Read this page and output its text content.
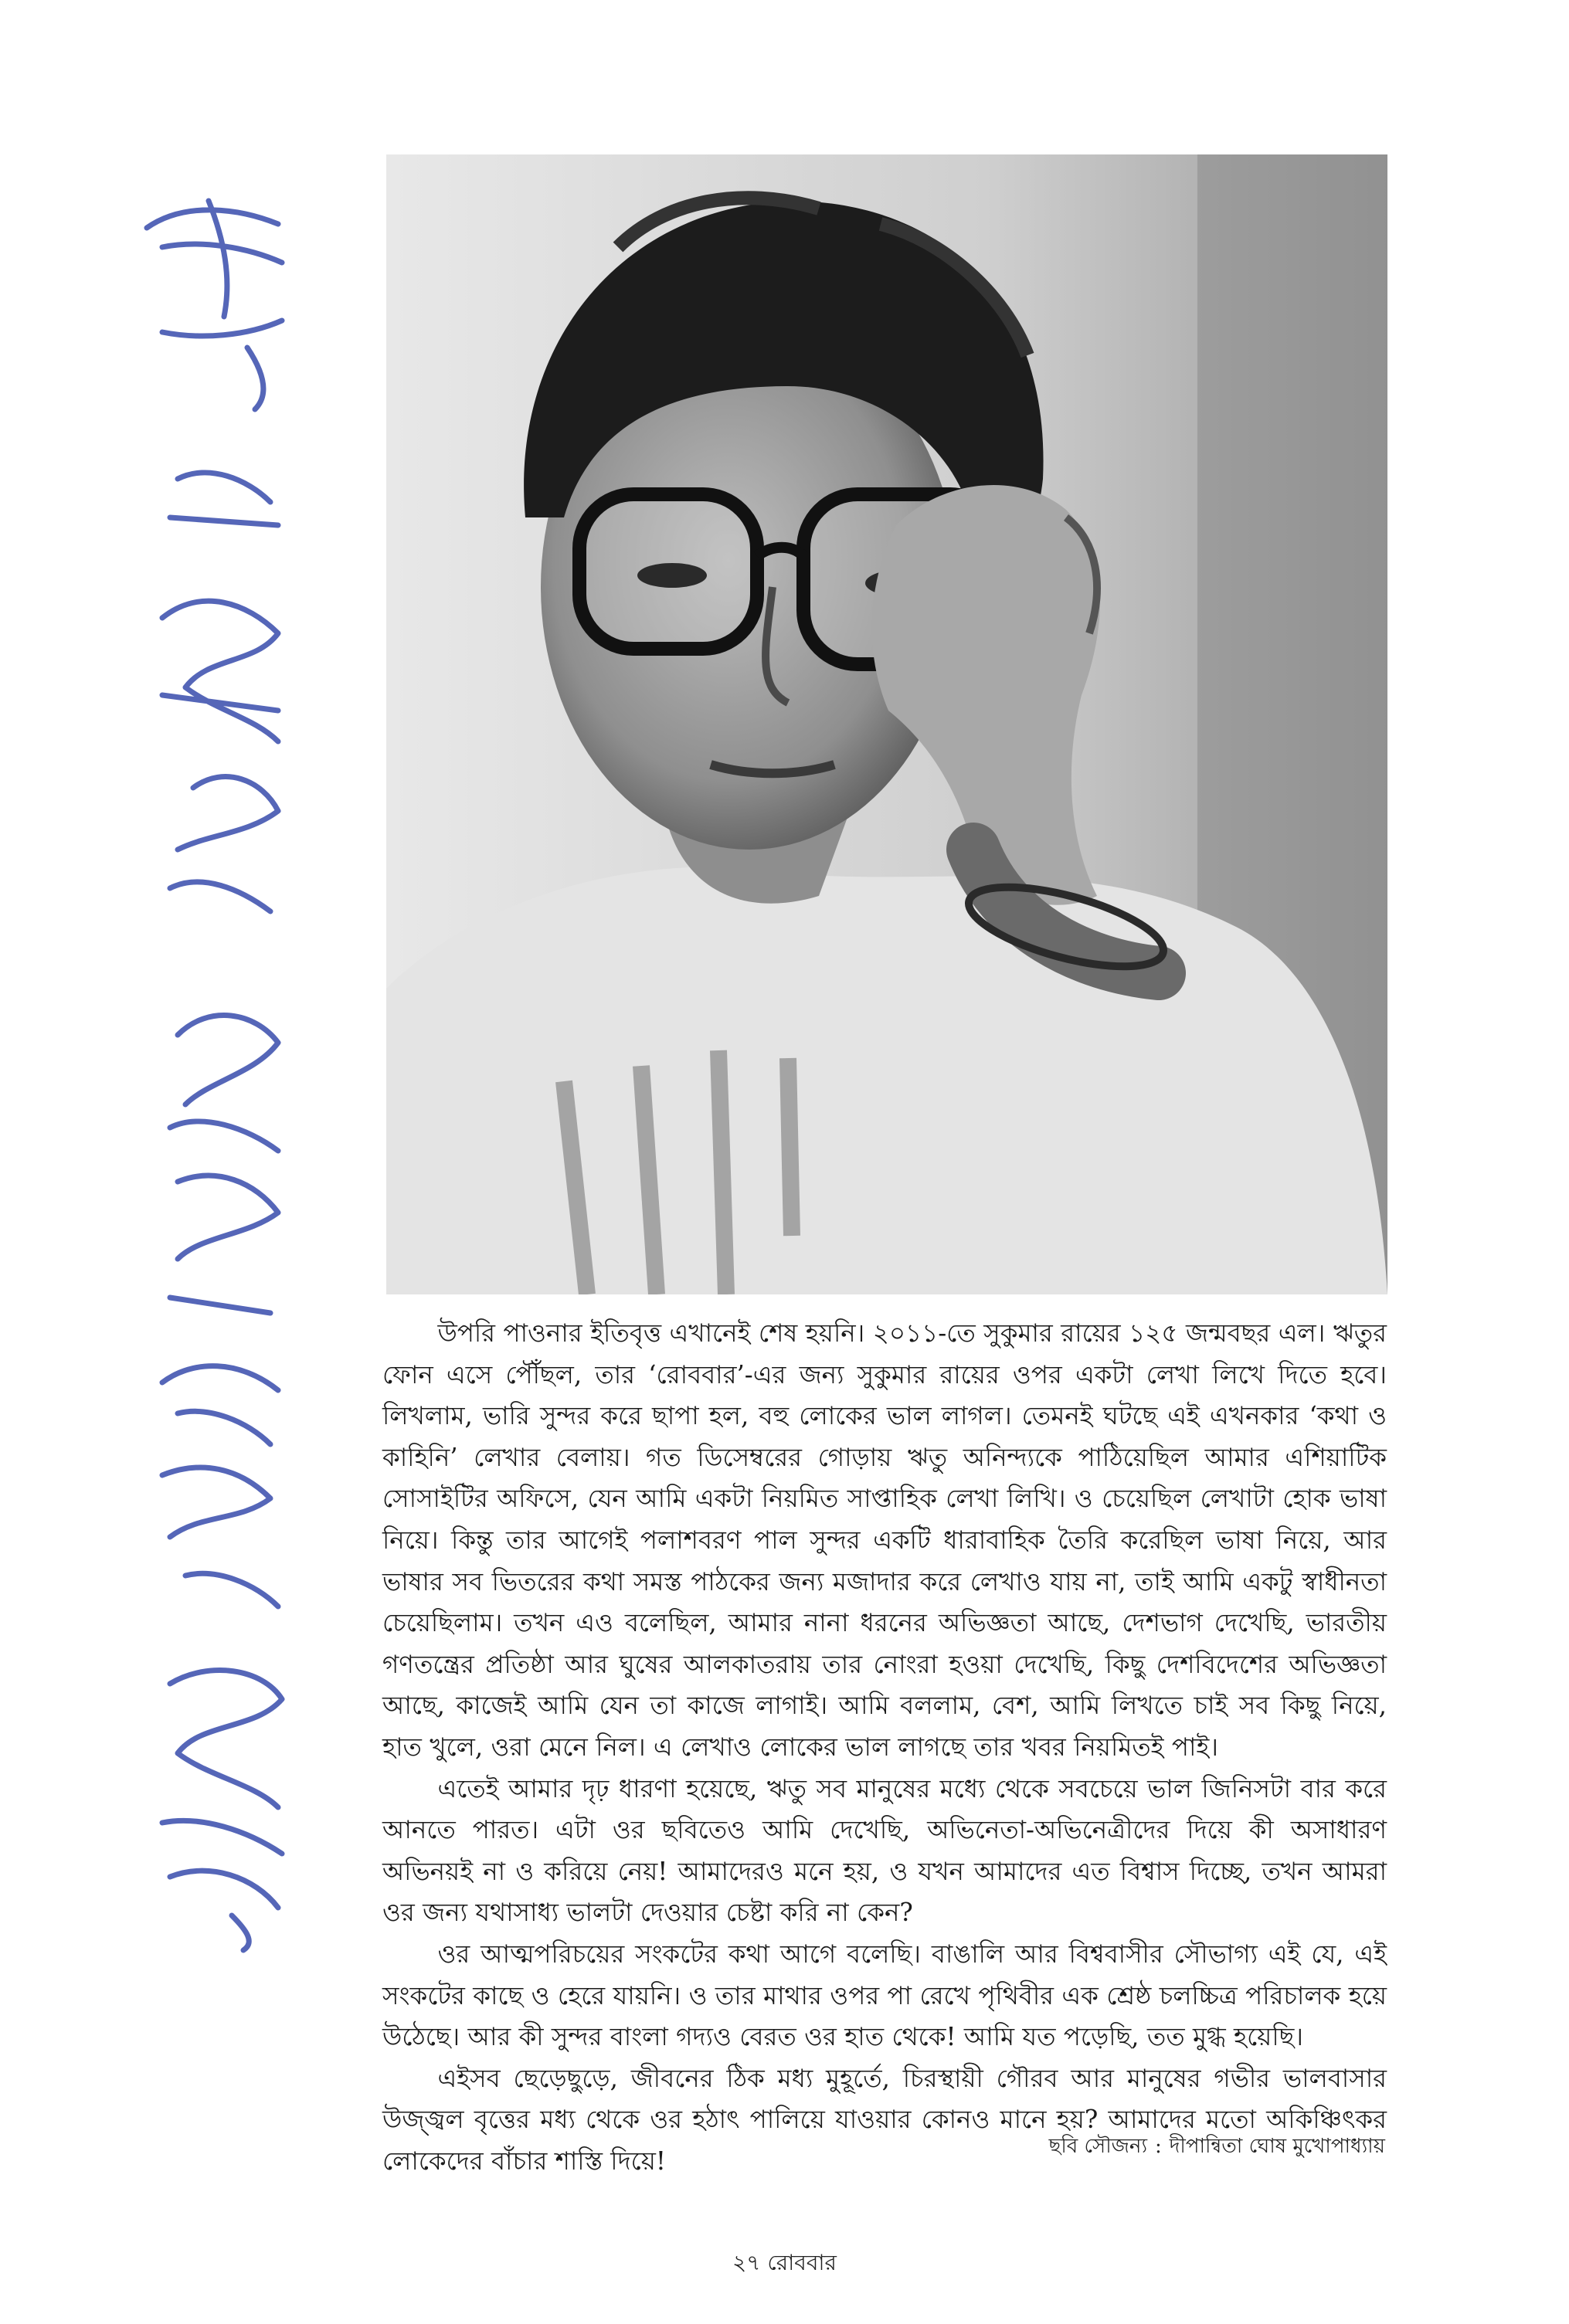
উপরি পাওনার ইতিবৃত্ত এখানেই শেষ হয়নি। ২০১১-তে সুকুমার রায়ের ১২৫ জন্মবছর এল। ঋতুর ফোন এসে পৌঁছল, তার ‘রোববার’-এর জন্য সুকুমার রায়ের ওপর একটা লেখা লিখে দিতে হবে। লিখলাম, ভারি সুন্দর করে ছাপা হল, বহু লোকের ভাল লাগল। তেমনই ঘটছে এই এখনকার ‘কথা ও কাহিনি’ লেখার বেলায়। গত ডিসেম্বরের গোড়ায় ঋতু অনিন্দ্যকে পাঠিয়েছিল আমার এশিয়াটিক সোসাইটির অফিসে, যেন আমি একটা নিয়মিত সাপ্তাহিক লেখা লিখি। ও চেয়েছিল লেখাটা হোক ভাষা নিয়ে। কিন্তু তার আগেই পলাশবরণ পাল সুন্দর একটি ধারাবাহিক তৈরি করেছিল ভাষা নিয়ে, আর ভাষার সব ভিতরের কথা সমস্ত পাঠকের জন্য মজাদার করে লেখাও যায় না, তাই আমি একটু স্বাধীনতা চেয়েছিলাম। তখন এও বলেছিল, আমার নানা ধরনের অভিজ্ঞতা আছে, দেশভাগ দেখেছি, ভারতীয় গণতন্ত্রের প্রতিষ্ঠা আর ঘুষের আলকাতরায় তার নোংরা হওয়া দেখেছি, কিছু দেশবিদেশের অভিজ্ঞতা আছে, কাজেই আমি যেন তা কাজে লাগাই। আমি বললাম, বেশ, আমি লিখতে চাই সব কিছু নিয়ে, হাত খুলে, ওরা মেনে নিল। এ লেখাও লোকের ভাল লাগছে তার খবর নিয়মিতই পাই।

এতেই আমার দৃঢ় ধারণা হয়েছে, ঋতু সব মানুষের মধ্যে থেকে সবচেয়ে ভাল জিনিসটা বার করে আনতে পারত। এটা ওর ছবিতেও আমি দেখেছি, অভিনেতা-অভিনেত্রীদের দিয়ে কী অসাধারণ অভিনয়ই না ও করিয়ে নেয়! আমাদেরও মনে হয়, ও যখন আমাদের এত বিশ্বাস দিচ্ছে, তখন আমরা ওর জন্য যথাসাধ্য ভালটা দেওয়ার চেষ্টা করি না কেন?

ওর আত্মপরিচয়ের সংকটের কথা আগে বলেছি। বাঙালি আর বিশ্ববাসীর সৌভাগ্য এই যে, এই সংকটের কাছে ও হেরে যায়নি। ও তার মাথার ওপর পা রেখে পৃথিবীর এক শ্রেষ্ঠ চলচ্চিত্র পরিচালক হয়ে উঠেছে। আর কী সুন্দর বাংলা গদ্যও বেরত ওর হাত থেকে! আমি যত পড়েছি, তত মুগ্ধ হয়েছি।

এইসব ছেড়েছুড়ে, জীবনের ঠিক মধ্য মুহূর্তে, চিরস্থায়ী গৌরব আর মানুষের গভীর ভালবাসার উজ্জ্বল বৃত্তের মধ্য থেকে ওর হঠাৎ পালিয়ে যাওয়ার কোনও মানে হয়? আমাদের মতো অকিঞ্চিৎকর লোকেদের বাঁচার শাস্তি দিয়ে!	ছবি সৌজন্য : দীপান্বিতা ঘোষ মুখোপাধ্যায়
২৭ রোববার
